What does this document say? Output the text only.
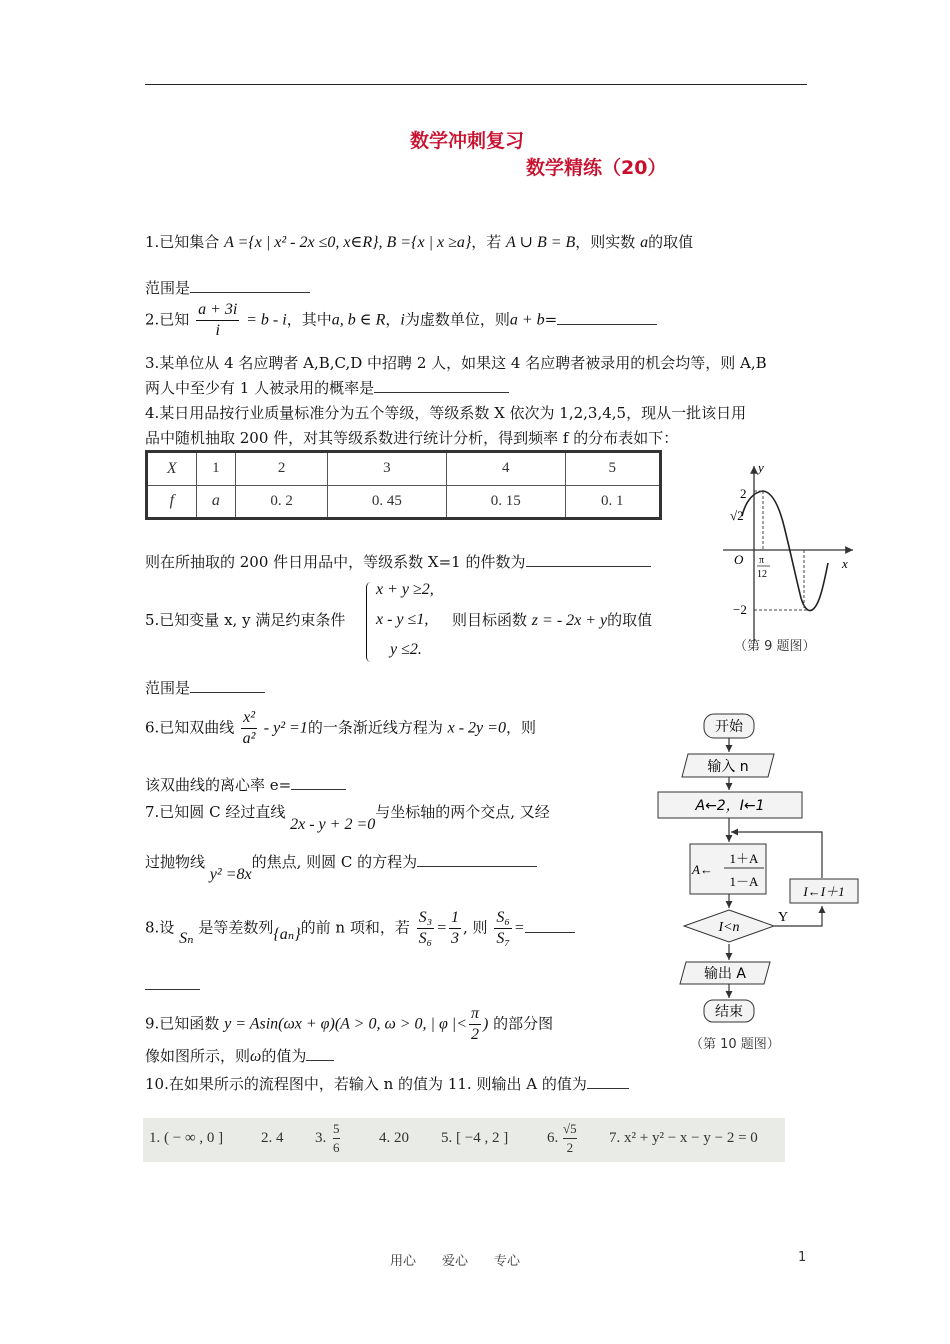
数学冲刺复习
数学精练（20）
1.已知集合 A ={x | x² - 2x ≤0, x∈R}, B ={x | x ≥a}，若 A ∪ B = B，则实数 a的取值
范围是
2.已知 $\frac{a + 3i}{i} = b - i$，其中a, b ∈ R，i为虚数单位，则a + b=
3.某单位从 4 名应聘者 A,B,C,D 中招聘 2 人，如果这 4 名应聘者被录用的机会均等，则 A,B
两人中至少有 1 人被录用的概率是
4.某日用品按行业质量标准分为五个等级，等级系数 X 依次为 1,2,3,4,5，现从一批该日用
品中随机抽取 200 件，对其等级系数进行统计分析，得到频率 f 的分布表如下：
X	1	2	3	4	5
f	a	0. 2	0. 45	0. 15	0. 1
则在所抽取的 200 件日用品中，等级系数 X=1 的件数为
5.已知变量 x, y 满足约束条件
x + y ≥2,
x - y ≤1,
y ≤2.
则目标函数 z = - 2x + y的取值
范围是
6.已知双曲线 $\frac{\text{x²}}{\text{a²}} - y^2 =1$的一条渐近线方程为 x - 2y =0，则
该双曲线的离心率 e=
7.已知圆 C 经过直线 2x - y + 2 =0与坐标轴的两个交点, 又经
过抛物线 y² =8x的焦点, 则圆 C 的方程为
8.设 Sₙ 是等差数列{aₙ}的前 n 项和，若 $\frac{\text{S₃}}{\text{S₆}} = \frac{1}{3}$ , 则 $\frac{\text{S₆}}{\text{S₇}}$ =
9.已知函数 y = Asin(ωx + φ)(A > 0, ω > 0, | φ |< $\frac{\pi}{2}$ ) 的部分图
像如图所示，则ω的值为
10.在如果所示的流程图中，若输入 n 的值为 11. 则输出 A 的值为
y
x
O
2
√2
−2
π
12
（第 9 题图）
开始
输入 n
A←2，I←1
A←
1＋A
1－A
I<n
Y
I←I＋1
输出 A
结束
（第 10 题图）
1. ( − ∞ , 0 ]	2. 4 3. $\frac{5}{6}$	4. 20 5. [ −4 , 2 ]	6. $\frac{√5}{2} 7$. x² + y² − x − y − 2 = 0
用心　　爱心　　专心	1
